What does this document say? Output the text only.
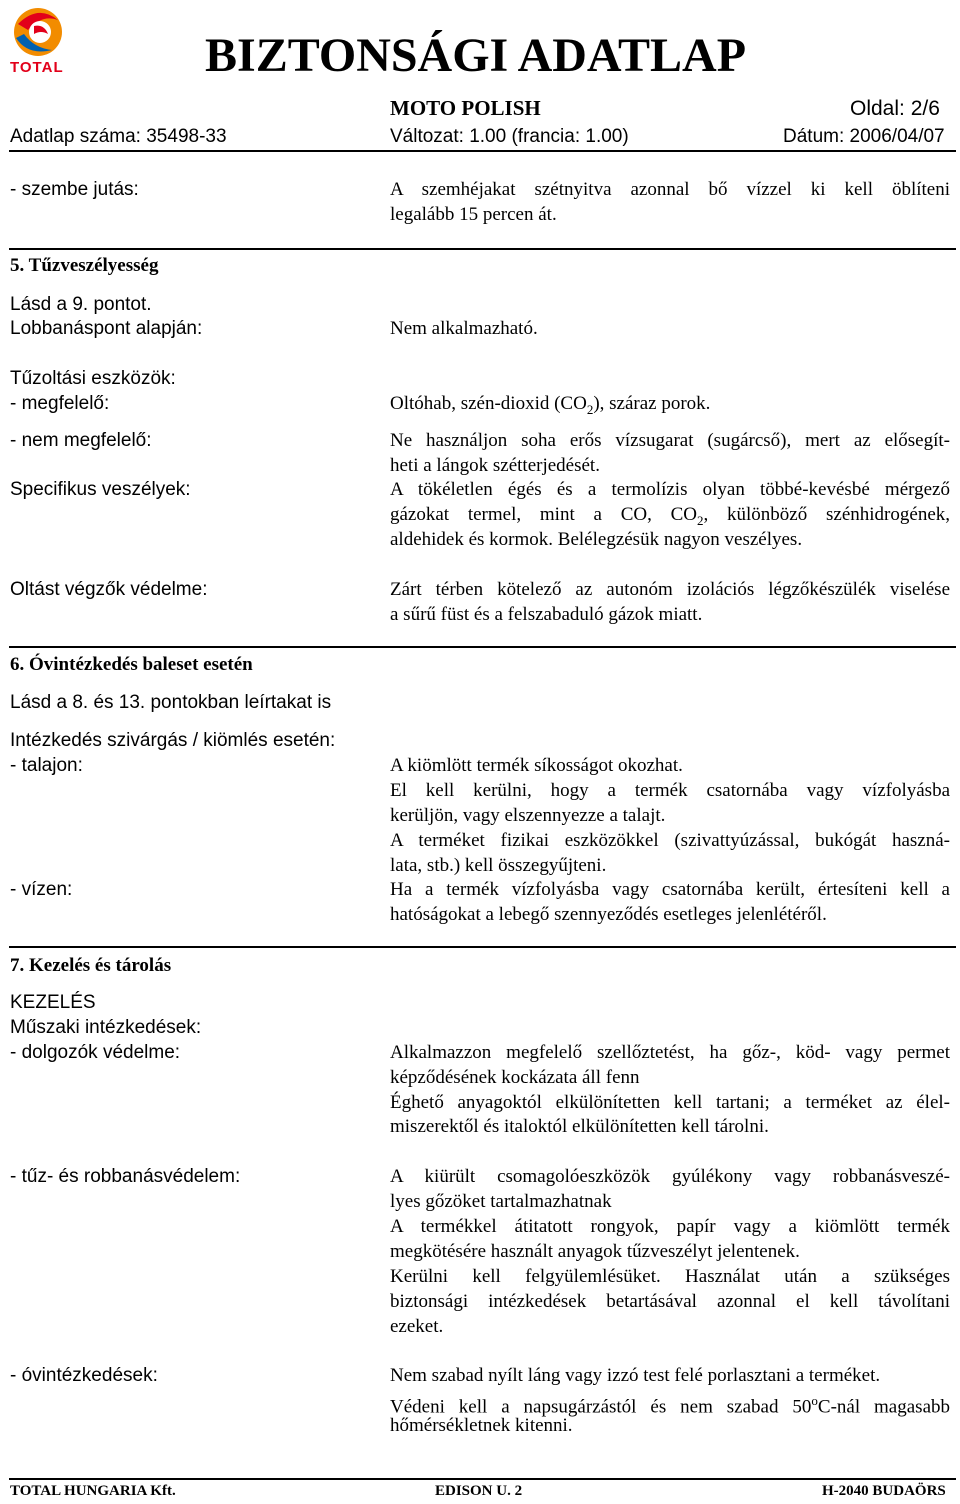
TOTAL	BIZTONSÁGI ADATLAP
MOTO POLISH	Oldal: 2/6
Adatlap száma: 35498-33	Változat: 1.00 (francia: 1.00)	Dátum: 2006/04/07
- szembe jutás:	A szemhéjakat szétnyitva azonnal bő vízzel ki kell öblíteni
legalább 15 percen át.
5. Tűzveszélyesség
Lásd a 9. pontot.
Lobbanáspont alapján:	Nem alkalmazható.
Tűzoltási eszközök:
- megfelelő:	Oltóhab, szén-dioxid $(CO_2)$, száraz porok.
- nem megfelelő:	Ne használjon soha erős vízsugarat (sugárcső), mert az elősegít-
heti a lángok szétterjedését.
Specifikus veszélyek:	A tökéletlen égés és a termolízis olyan többé-kevésbé mérgező
gázokat termel, mint a CO, $CO_2$, különböző szénhidrogének,
aldehidek és kormok. Belélegzésük nagyon veszélyes.
Oltást végzők védelme:	Zárt térben kötelező az autonóm izolációs légzőkészülék viselése
a sűrű füst és a felszabaduló gázok miatt.
6. Óvintézkedés baleset esetén
Lásd a 8. és 13. pontokban leírtakat is
Intézkedés szivárgás / kiömlés esetén:
- talajon:	A kiömlött termék síkosságot okozhat.
El kell kerülni, hogy a termék csatornába vagy vízfolyásba
kerüljön, vagy elszennyezze a talajt.
A terméket fizikai eszközökkel (szivattyúzással, bukógát haszná-
lata, stb.) kell összegyűjteni.
- vízen:	Ha a termék vízfolyásba vagy csatornába került, értesíteni kell a
hatóságokat a lebegő szennyeződés esetleges jelenlétéről.
7. Kezelés és tárolás
KEZELÉS
Műszaki intézkedések:
- dolgozók védelme:	Alkalmazzon megfelelő szellőztetést, ha gőz-, köd- vagy permet
képződésének kockázata áll fenn
Éghető anyagoktól elkülönítetten kell tartani; a terméket az élel-
miszerektől és italoktól elkülönítetten kell tárolni.
- tűz- és robbanásvédelem:	A kiürült csomagolóeszközök gyúlékony vagy robbanásveszé-
lyes gőzöket tartalmazhatnak
A termékkel átitatott rongyok, papír vagy a kiömlött termék
megkötésére használt anyagok tűzveszélyt jelentenek.
Kerülni kell felgyülemlésüket. Használat után a szükséges
biztonsági intézkedések betartásával azonnal el kell távolítani
ezeket.
- óvintézkedések:	Nem szabad nyílt láng vagy izzó test felé porlasztani a terméket.
Védeni kell a napsugárzástól és nem szabad 50$^o$C-nál magasabb
hőmérsékletnek kitenni.
TOTAL HUNGARIA Kft.	EDISON U. 2	H-2040 BUDAÖRS
